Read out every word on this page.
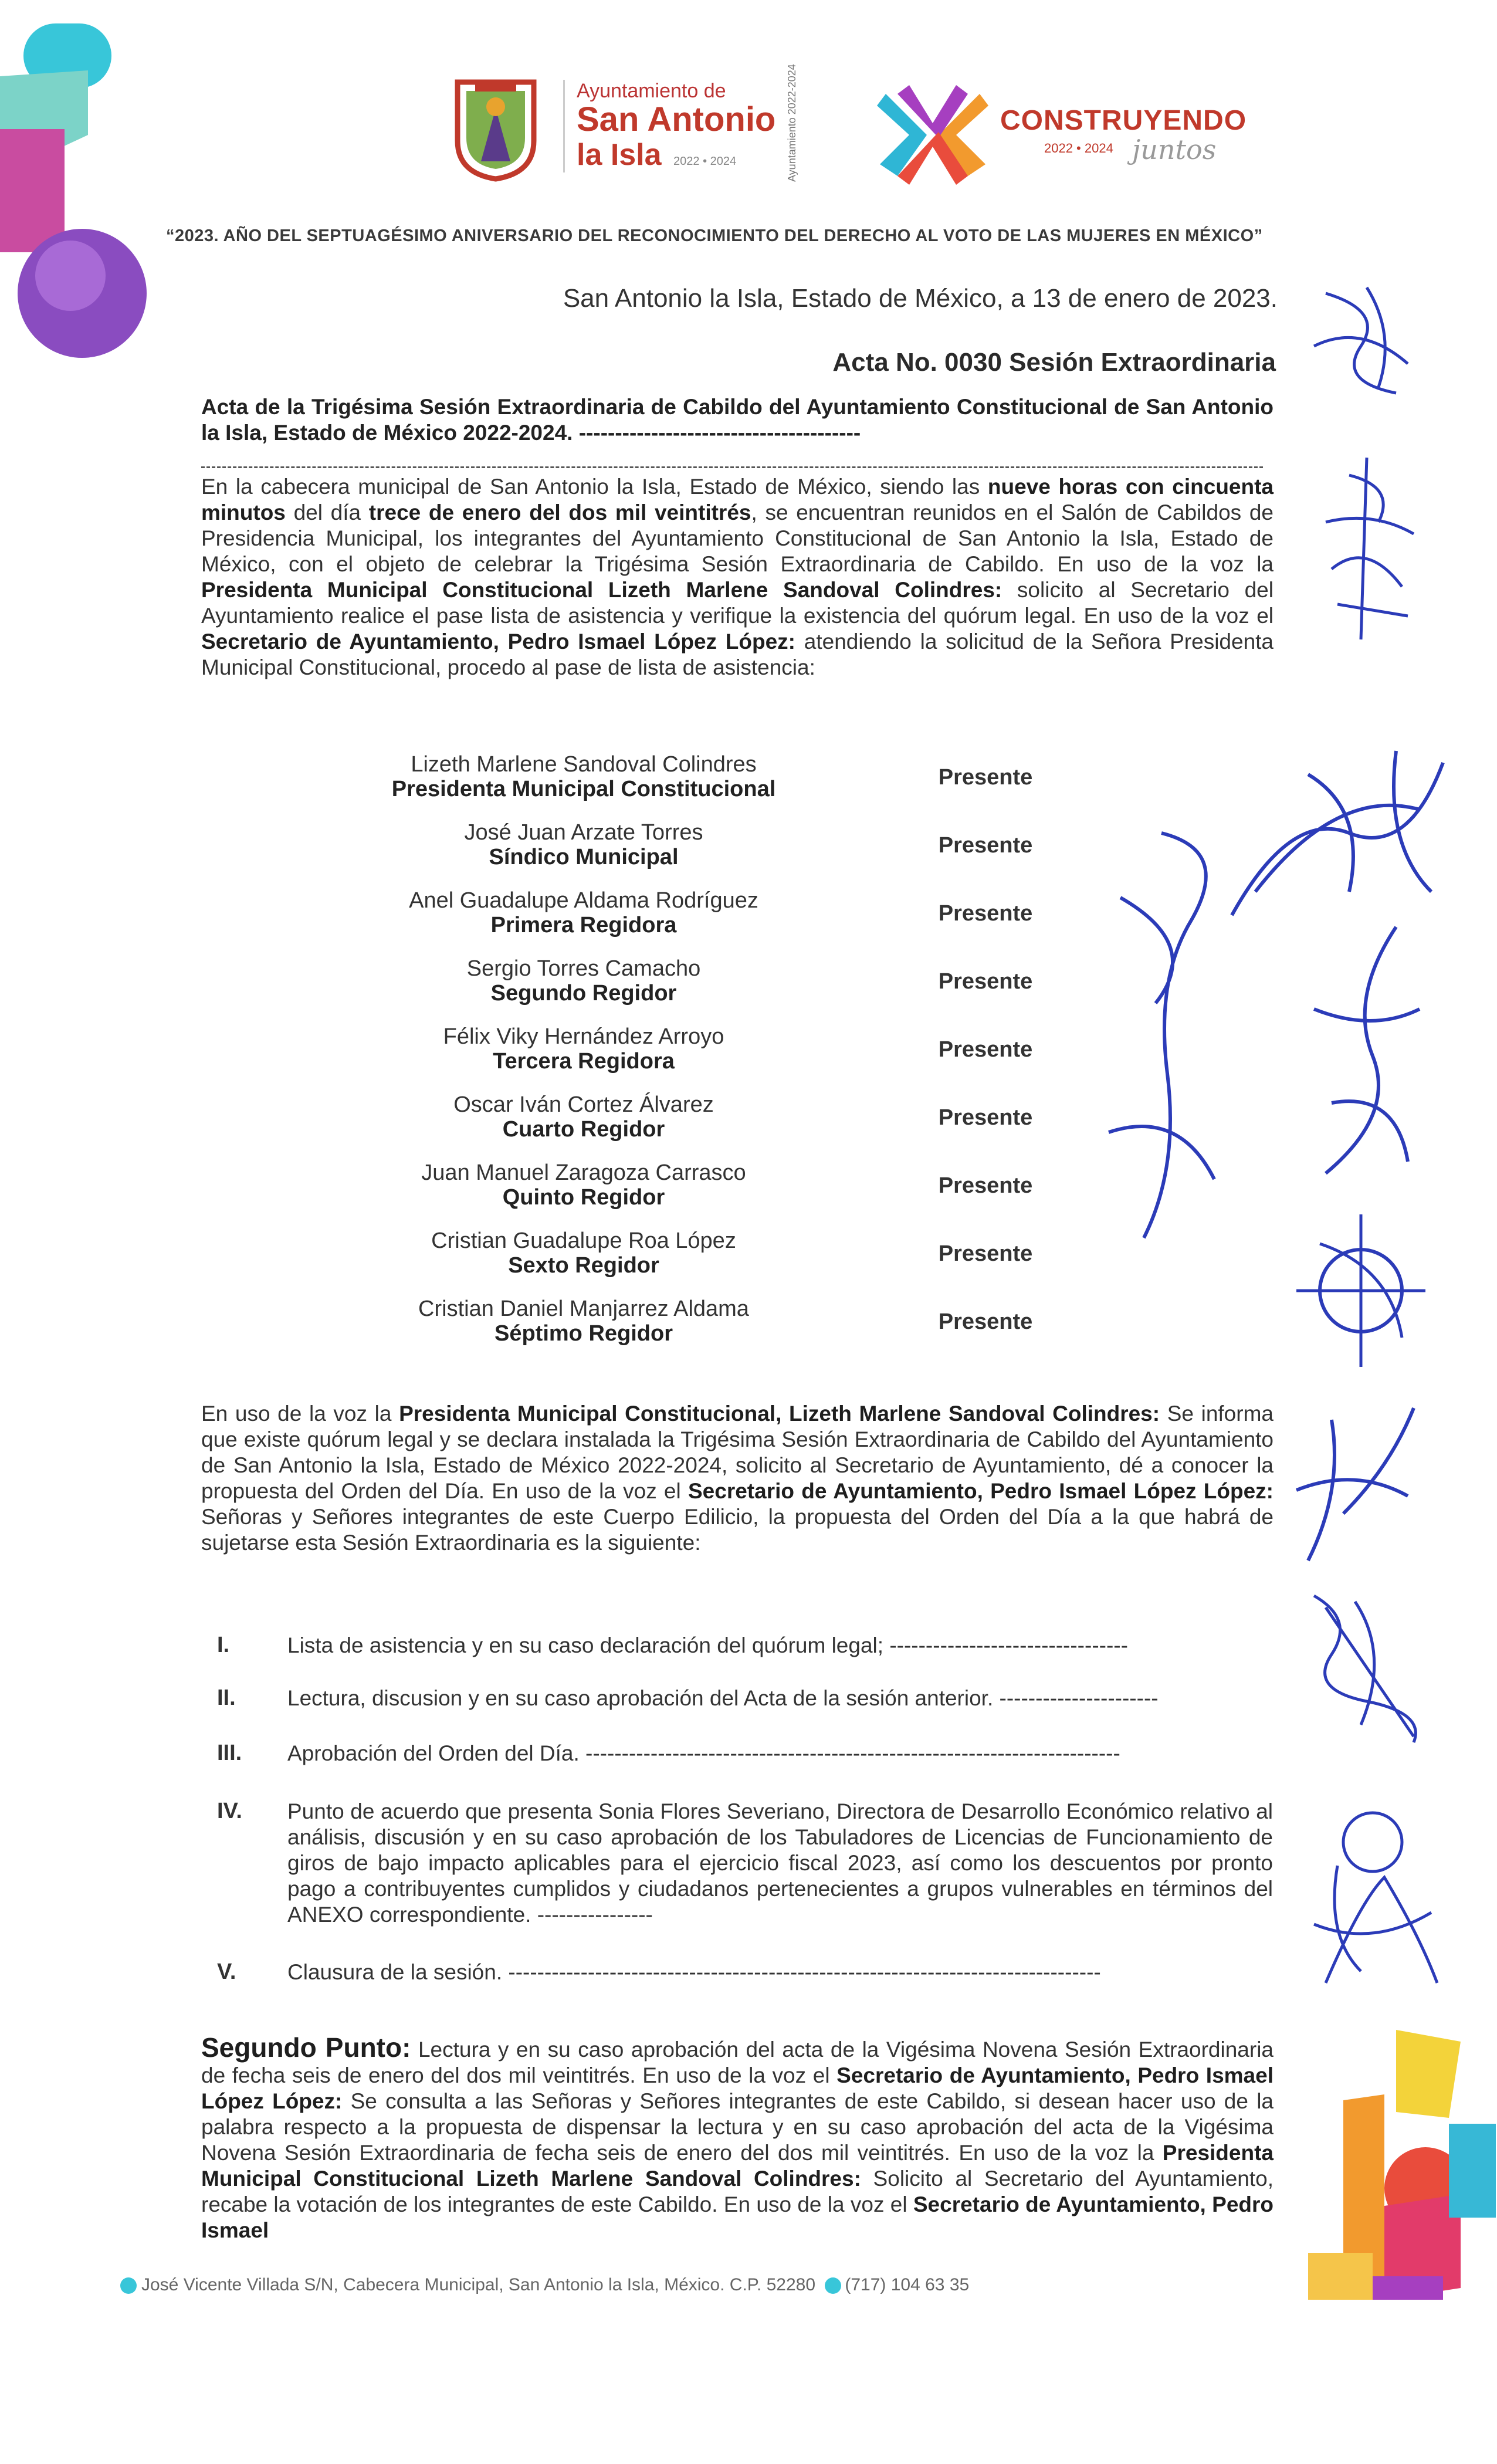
Ayuntamiento de
San Antonio
la Isla 2022 • 2024	Ayuntamiento 2022-2024	CONSTRUYENDO
2022 • 2024 juntos
“2023. AÑO DEL SEPTUAGÉSIMO ANIVERSARIO DEL RECONOCIMIENTO DEL DERECHO AL VOTO DE LAS MUJERES EN MÉXICO”
San Antonio la Isla, Estado de México, a 13 de enero de 2023.
Acta No. 0030 Sesión Extraordinaria
Acta de la Trigésima Sesión Extraordinaria de Cabildo del Ayuntamiento Constitucional de San Antonio la Isla, Estado de México 2022-2024. ---------------------------------------
En la cabecera municipal de San Antonio la Isla, Estado de México, siendo las nueve horas con cincuenta minutos del día trece de enero del dos mil veintitrés, se encuentran reunidos en el Salón de Cabildos de Presidencia Municipal, los integrantes del Ayuntamiento Constitucional de San Antonio la Isla, Estado de México, con el objeto de celebrar la Trigésima Sesión Extraordinaria de Cabildo. En uso de la voz la Presidenta Municipal Constitucional Lizeth Marlene Sandoval Colindres: solicito al Secretario del Ayuntamiento realice el pase lista de asistencia y verifique la existencia del quórum legal. En uso de la voz el Secretario de Ayuntamiento, Pedro Ismael López López: atendiendo la solicitud de la Señora Presidenta Municipal Constitucional, procedo al pase de lista de asistencia:
Lizeth Marlene Sandoval Colindres
Presidenta Municipal Constitucional	Presente
José Juan Arzate Torres
Síndico Municipal	Presente
Anel Guadalupe Aldama Rodríguez
Primera Regidora	Presente
Sergio Torres Camacho
Segundo Regidor	Presente
Félix Viky Hernández Arroyo
Tercera Regidora	Presente
Oscar Iván Cortez Álvarez
Cuarto Regidor	Presente
Juan Manuel Zaragoza Carrasco
Quinto Regidor	Presente
Cristian Guadalupe Roa López
Sexto Regidor	Presente
Cristian Daniel Manjarrez Aldama
Séptimo Regidor	Presente
En uso de la voz la Presidenta Municipal Constitucional, Lizeth Marlene Sandoval Colindres: Se informa que existe quórum legal y se declara instalada la Trigésima Sesión Extraordinaria de Cabildo del Ayuntamiento de San Antonio la Isla, Estado de México 2022-2024, solicito al Secretario de Ayuntamiento, dé a conocer la propuesta del Orden del Día. En uso de la voz el Secretario de Ayuntamiento, Pedro Ismael López López: Señoras y Señores integrantes de este Cuerpo Edilicio, la propuesta del Orden del Día a la que habrá de sujetarse esta Sesión Extraordinaria es la siguiente:
I.	Lista de asistencia y en su caso declaración del quórum legal; ---------------------------------
II.	Lectura, discusion y en su caso aprobación del Acta de la sesión anterior. ----------------------
III.	Aprobación del Orden del Día. --------------------------------------------------------------------------
IV.	Punto de acuerdo que presenta Sonia Flores Severiano, Directora de Desarrollo Económico relativo al análisis, discusión y en su caso aprobación de los Tabuladores de Licencias de Funcionamiento de giros de bajo impacto aplicables para el ejercicio fiscal 2023, así como los descuentos por pronto pago a contribuyentes cumplidos y ciudadanos pertenecientes a grupos vulnerables en términos del ANEXO correspondiente. ----------------
V.	Clausura de la sesión. ----------------------------------------------------------------------------------
Segundo Punto: Lectura y en su caso aprobación del acta de la Vigésima Novena Sesión Extraordinaria de fecha seis de enero del dos mil veintitrés. En uso de la voz el Secretario de Ayuntamiento, Pedro Ismael López López: Se consulta a las Señoras y Señores integrantes de este Cabildo, si desean hacer uso de la palabra respecto a la propuesta de dispensar la lectura y en su caso aprobación del acta de la Vigésima Novena Sesión Extraordinaria de fecha seis de enero del dos mil veintitrés. En uso de la voz la Presidenta Municipal Constitucional Lizeth Marlene Sandoval Colindres: Solicito al Secretario del Ayuntamiento, recabe la votación de los integrantes de este Cabildo. En uso de la voz el Secretario de Ayuntamiento, Pedro Ismael
José Vicente Villada S/N, Cabecera Municipal, San Antonio la Isla, México. C.P. 52280 (717) 104 63 35
